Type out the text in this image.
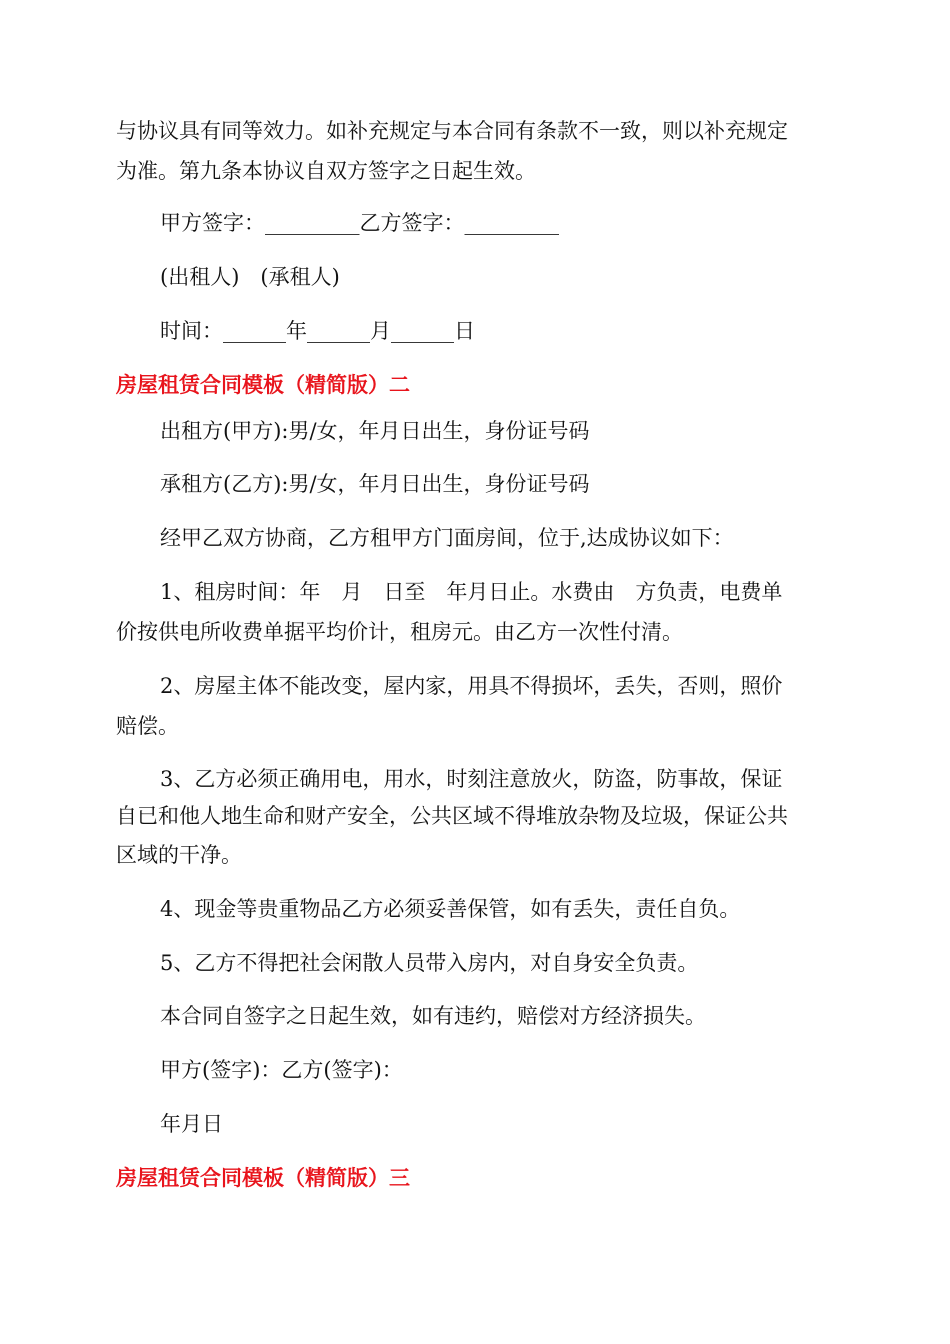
与协议具有同等效力。如补充规定与本合同有条款不一致，则以补充规定
为准。第九条本协议自双方签字之日起生效。
甲方签字：_________乙方签字：_________
(出租人)　(承租人)
时间：______年______月______日
房屋租赁合同模板（精简版）二
出租方(甲方):男/女，年月日出生，身份证号码
承租方(乙方):男/女，年月日出生，身份证号码
经甲乙双方协商，乙方租甲方门面房间，位于,达成协议如下：
1、租房时间：年　月　日至　年月日止。水费由　方负责，电费单
价按供电所收费单据平均价计，租房元。由乙方一次性付清。
2、房屋主体不能改变，屋内家，用具不得损坏，丢失，否则，照价
赔偿。
3、乙方必须正确用电，用水，时刻注意放火，防盗，防事故，保证
自已和他人地生命和财产安全，公共区域不得堆放杂物及垃圾，保证公共
区域的干净。
4、现金等贵重物品乙方必须妥善保管，如有丢失，责任自负。
5、乙方不得把社会闲散人员带入房内，对自身安全负责。
本合同自签字之日起生效，如有违约，赔偿对方经济损失。
甲方(签字)：乙方(签字)：
年月日
房屋租赁合同模板（精简版）三
